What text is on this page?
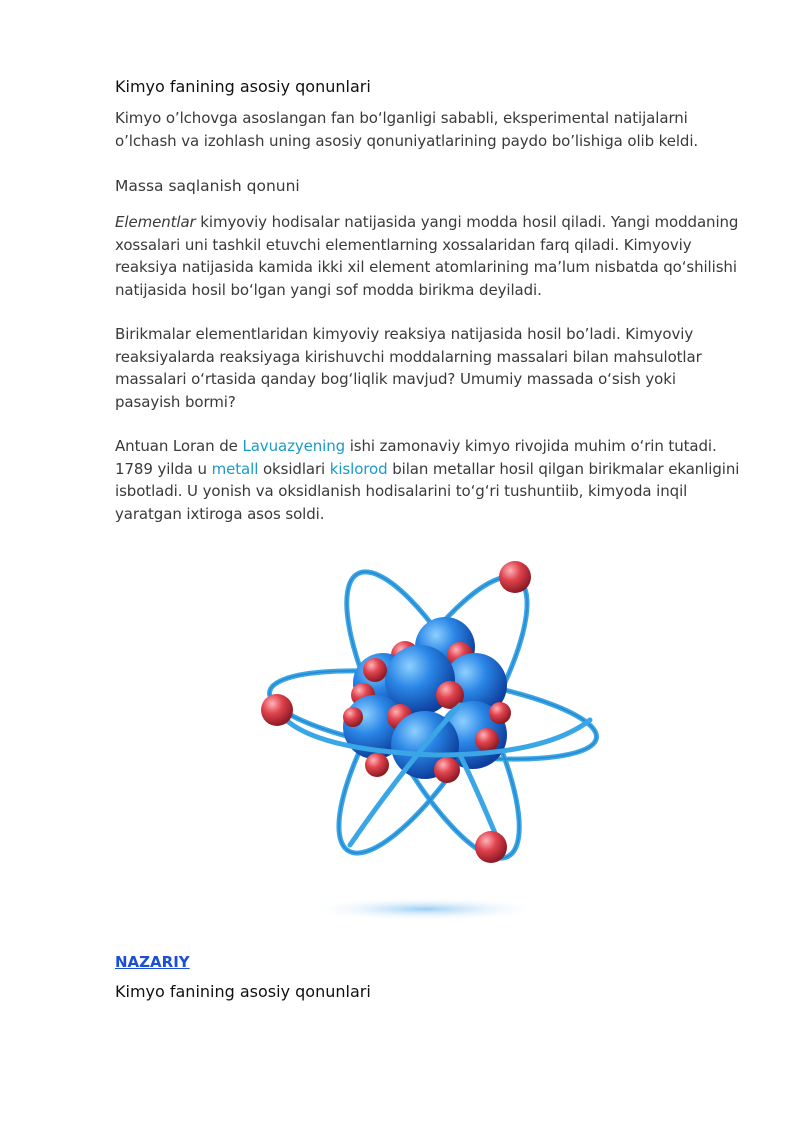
Kimyo fanining asosiy qonunlari

Kimyo o’lchovga asoslangan fan bo‘lganligi sababli, eksperimental natijalarni o’lchash va izohlash uning asosiy qonuniyatlarining paydo bo’lishiga olib keldi.

Massa saqlanish qonuni

Elementlar kimyoviy hodisalar natijasida yangi modda hosil qiladi. Yangi moddaning xossalari uni tashkil etuvchi elementlarning xossalaridan farq qiladi. Kimyoviy reaksiya natijasida kamida ikki xil element atomlarining ma’lum nisbatda qo‘shilishi natijasida hosil bo‘lgan yangi sof modda birikma deyiladi.

Birikmalar elementlaridan kimyoviy reaksiya natijasida hosil bo’ladi. Kimyoviy reaksiyalarda reaksiyaga kirishuvchi moddalarning massalari bilan mahsulotlar massalari o‘rtasida qanday bog‘liqlik mavjud? Umumiy massada o‘sish yoki pasayish bormi?

Antuan Loran de Lavuazyening ishi zamonaviy kimyo rivojida muhim o‘rin tutadi. 1789 yilda u metall oksidlari kislorod bilan metallar hosil qilgan birikmalar ekanligini isbotladi. U yonish va oksidlanish hodisalarini to‘g‘ri tushuntiib, kimyoda inqil yaratgan ixtiroga asos soldi.

NAZARIY
Kimyo fanining asosiy qonunlari
